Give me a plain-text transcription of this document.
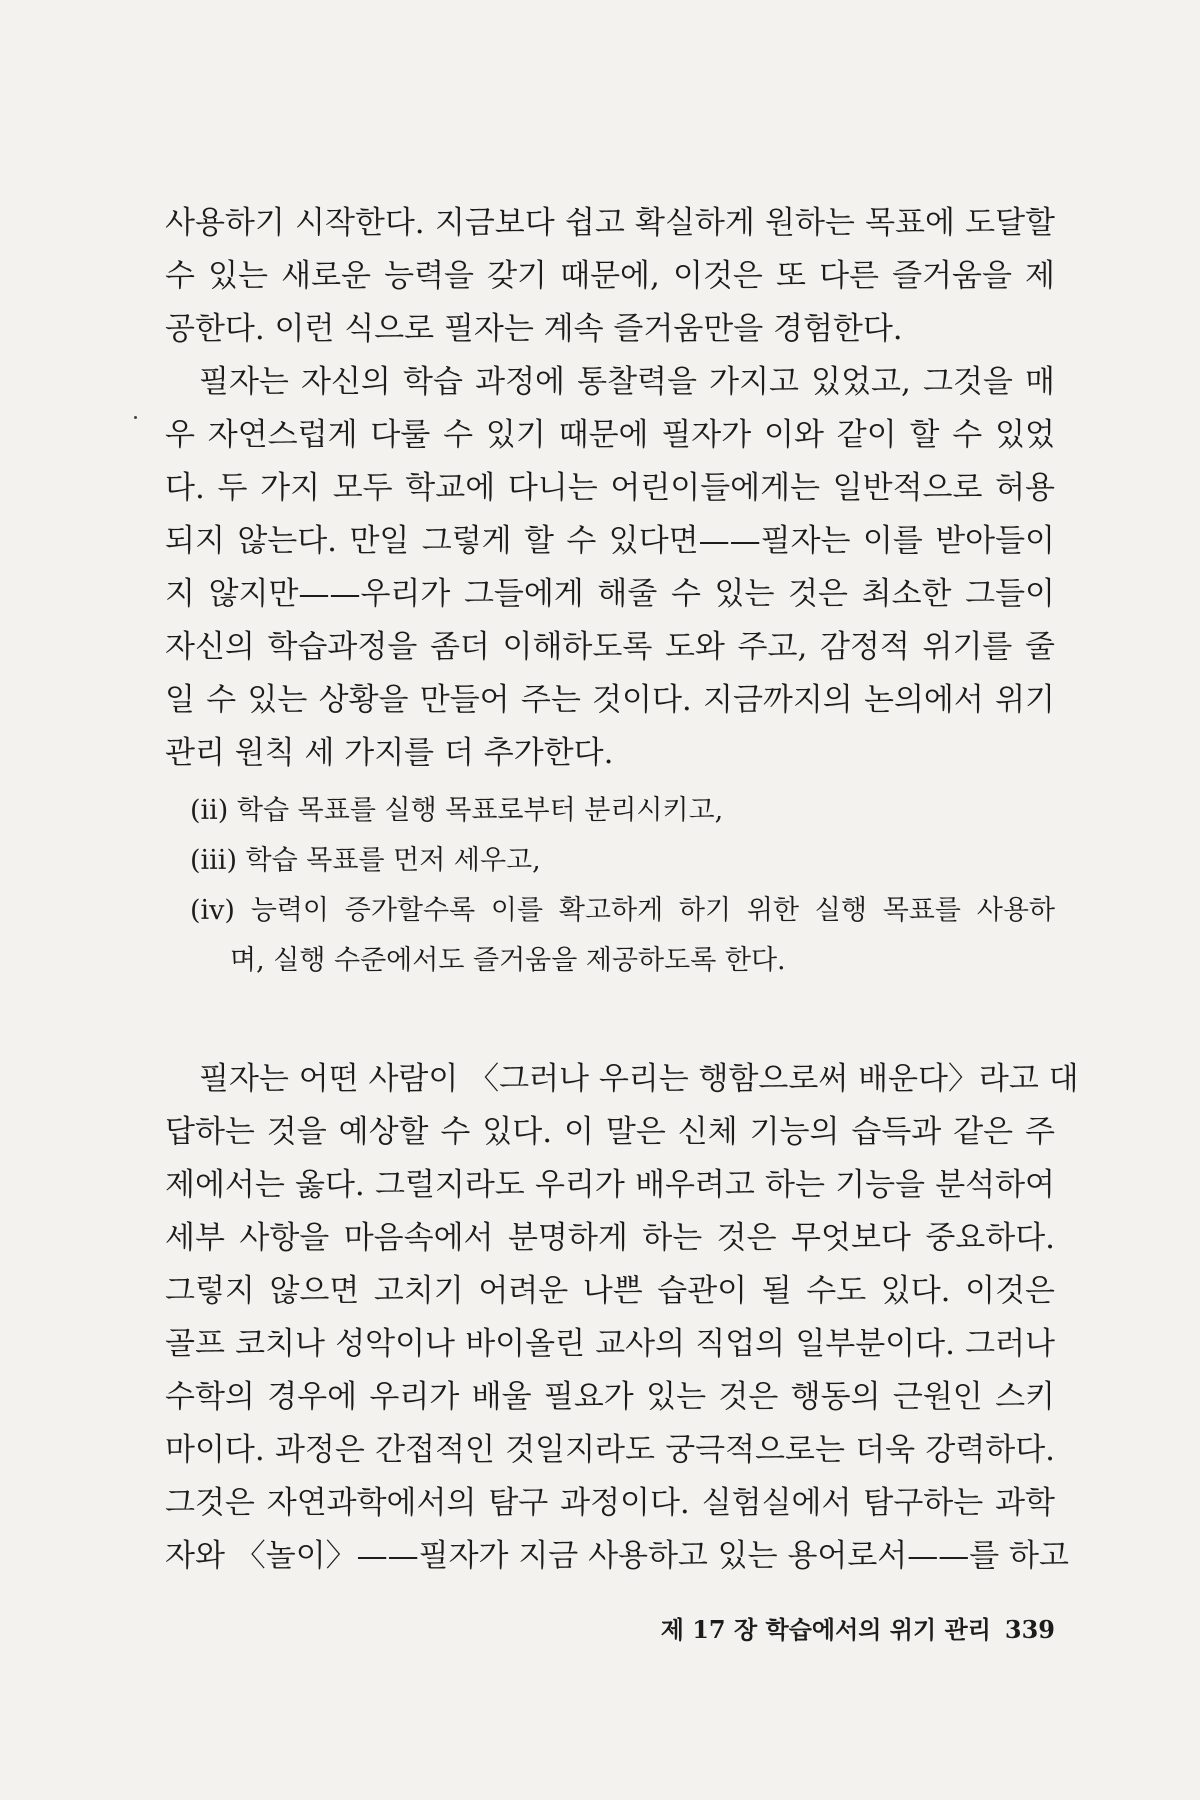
사용하기 시작한다. 지금보다 쉽고 확실하게 원하는 목표에 도달할
수 있는 새로운 능력을 갖기 때문에, 이것은 또 다른 즐거움을 제
공한다. 이런 식으로 필자는 계속 즐거움만을 경험한다.
필자는 자신의 학습 과정에 통찰력을 가지고 있었고, 그것을 매
우 자연스럽게 다룰 수 있기 때문에 필자가 이와 같이 할 수 있었
다. 두 가지 모두 학교에 다니는 어린이들에게는 일반적으로 허용
되지 않는다. 만일 그렇게 할 수 있다면——필자는 이를 받아들이
지 않지만——우리가 그들에게 해줄 수 있는 것은 최소한 그들이
자신의 학습과정을 좀더 이해하도록 도와 주고, 감정적 위기를 줄
일 수 있는 상황을 만들어 주는 것이다. 지금까지의 논의에서 위기
관리 원칙 세 가지를 더 추가한다.
(ii) 학습 목표를 실행 목표로부터 분리시키고,
(iii) 학습 목표를 먼저 세우고,
(iv) 능력이 증가할수록 이를 확고하게 하기 위한 실행 목표를 사용하
며, 실행 수준에서도 즐거움을 제공하도록 한다.
필자는 어떤 사람이 〈그러나 우리는 행함으로써 배운다〉라고 대
답하는 것을 예상할 수 있다. 이 말은 신체 기능의 습득과 같은 주
제에서는 옳다. 그럴지라도 우리가 배우려고 하는 기능을 분석하여
세부 사항을 마음속에서 분명하게 하는 것은 무엇보다 중요하다.
그렇지 않으면 고치기 어려운 나쁜 습관이 될 수도 있다. 이것은
골프 코치나 성악이나 바이올린 교사의 직업의 일부분이다. 그러나
수학의 경우에 우리가 배울 필요가 있는 것은 행동의 근원인 스키
마이다. 과정은 간접적인 것일지라도 궁극적으로는 더욱 강력하다.
그것은 자연과학에서의 탐구 과정이다. 실험실에서 탐구하는 과학
자와 〈놀이〉——필자가 지금 사용하고 있는 용어로서——를 하고
제 17 장 학습에서의 위기 관리 339
